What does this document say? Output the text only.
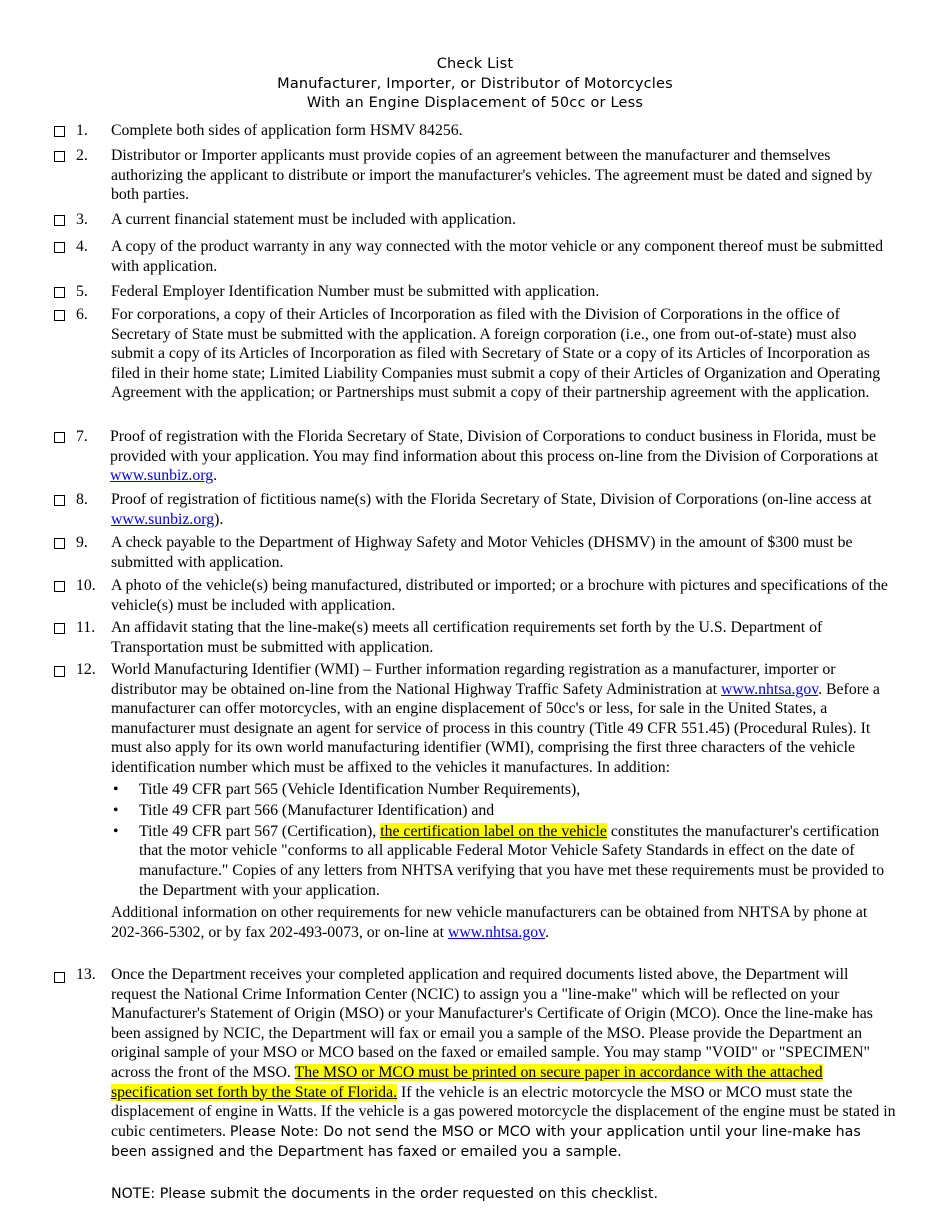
Check List
Manufacturer, Importer, or Distributor of Motorcycles
With an Engine Displacement of 50cc or Less
1. Complete both sides of application form HSMV 84256.

2. Distributor or Importer applicants must provide copies of an agreement between the manufacturer and themselves authorizing the applicant to distribute or import the manufacturer's vehicles. The agreement must be dated and signed by both parties.

3. A current financial statement must be included with application.

4. A copy of the product warranty in any way connected with the motor vehicle or any component thereof must be submitted with application.

5. Federal Employer Identification Number must be submitted with application.

6. For corporations, a copy of their Articles of Incorporation as filed with the Division of Corporations in the office of Secretary of State must be submitted with the application. A foreign corporation (i.e., one from out-of-state) must also submit a copy of its Articles of Incorporation as filed with Secretary of State or a copy of its Articles of Incorporation as filed in their home state; Limited Liability Companies must submit a copy of their Articles of Organization and Operating Agreement with the application; or Partnerships must submit a copy of their partnership agreement with the application.

7. Proof of registration with the Florida Secretary of State, Division of Corporations to conduct business in Florida, must be provided with your application. You may find information about this process on-line from the Division of Corporations at www.sunbiz.org.

8. Proof of registration of fictitious name(s) with the Florida Secretary of State, Division of Corporations (on-line access at www.sunbiz.org).

9. A check payable to the Department of Highway Safety and Motor Vehicles (DHSMV) in the amount of $300 must be submitted with application.

10. A photo of the vehicle(s) being manufactured, distributed or imported; or a brochure with pictures and specifications of the vehicle(s) must be included with application.

11. An affidavit stating that the line-make(s) meets all certification requirements set forth by the U.S. Department of Transportation must be submitted with application.

12. World Manufacturing Identifier (WMI) – Further information regarding registration as a manufacturer, importer or distributor may be obtained on-line from the National Highway Traffic Safety Administration at www.nhtsa.gov. Before a manufacturer can offer motorcycles, with an engine displacement of 50cc's or less, for sale in the United States, a manufacturer must designate an agent for service of process in this country (Title 49 CFR 551.45) (Procedural Rules). It must also apply for its own world manufacturing identifier (WMI), comprising the first three characters of the vehicle identification number which must be affixed to the vehicles it manufactures. In addition:

• Title 49 CFR part 565 (Vehicle Identification Number Requirements),
• Title 49 CFR part 566 (Manufacturer Identification) and
• Title 49 CFR part 567 (Certification), the certification label on the vehicle constitutes the manufacturer's certification that the motor vehicle "conforms to all applicable Federal Motor Vehicle Safety Standards in effect on the date of manufacture." Copies of any letters from NHTSA verifying that you have met these requirements must be provided to the Department with your application.

Additional information on other requirements for new vehicle manufacturers can be obtained from NHTSA by phone at 202-366-5302, or by fax 202-493-0073, or on-line at www.nhtsa.gov.

13. Once the Department receives your completed application and required documents listed above, the Department will request the National Crime Information Center (NCIC) to assign you a "line-make" which will be reflected on your Manufacturer's Statement of Origin (MSO) or your Manufacturer's Certificate of Origin (MCO). Once the line-make has been assigned by NCIC, the Department will fax or email you a sample of the MSO. Please provide the Department an original sample of your MSO or MCO based on the faxed or emailed sample. You may stamp "VOID" or "SPECIMEN" across the front of the MSO. The MSO or MCO must be printed on secure paper in accordance with the attached specification set forth by the State of Florida. If the vehicle is an electric motorcycle the MSO or MCO must state the displacement of engine in Watts. If the vehicle is a gas powered motorcycle the displacement of the engine must be stated in cubic centimeters. Please Note: Do not send the MSO or MCO with your application until your line-make has been assigned and the Department has faxed or emailed you a sample.

NOTE: Please submit the documents in the order requested on this checklist.
